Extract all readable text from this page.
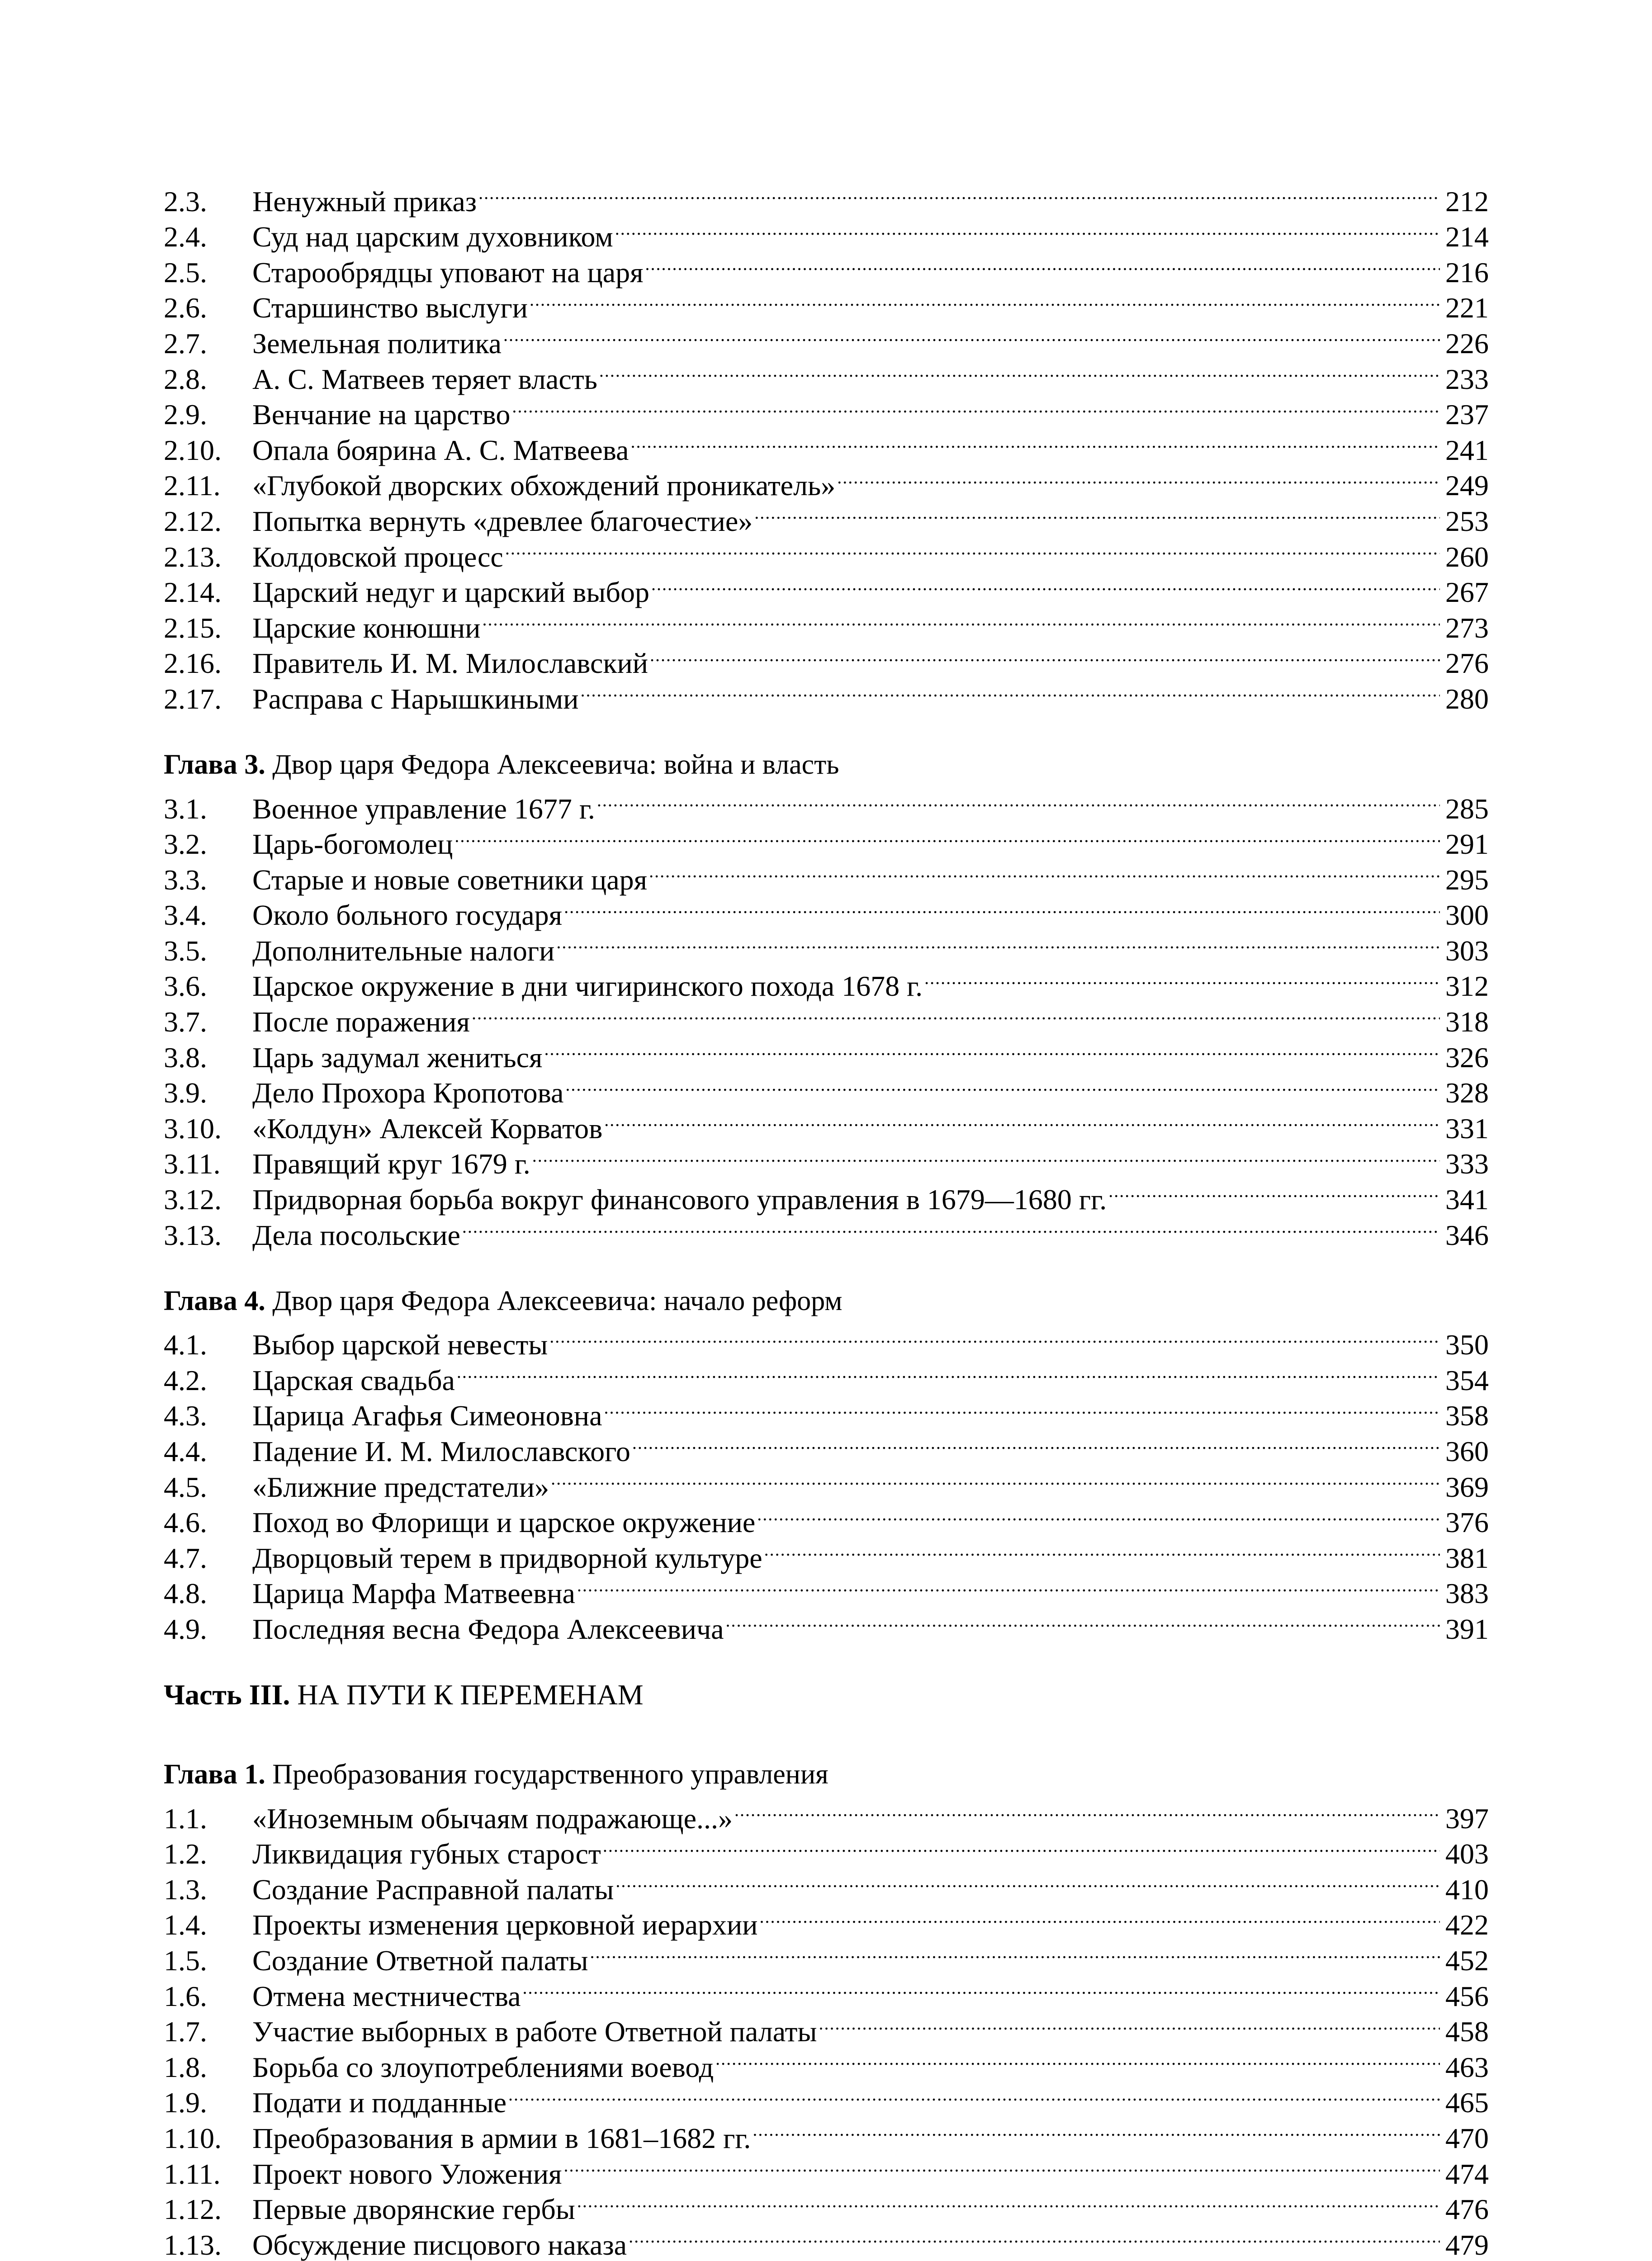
2.3.	Ненужный приказ . . .	212
2.4.	Суд над царским духовником . . .	214
2.5.	Старообрядцы уповают на царя . . .	216
2.6.	Старшинство выслуги . . .	221
2.7.	Земельная политика . . .	226
2.8.	А. С. Матвеев теряет власть . . .	233
2.9.	Венчание на царство . . .	237
2.10.	Опала боярина А. С. Матвеева . . .	241
2.11.	«Глубокой дворских обхождений проникатель» . . .	249
2.12.	Попытка вернуть «древлее благочестие» . . .	253
2.13.	Колдовской процесс . . .	260
2.14.	Царский недуг и царский выбор . . .	267
2.15.	Царские конюшни . . .	273
2.16.	Правитель И. М. Милославский . . .	276
2.17.	Расправа с Нарышкиными . . .	280
Глава 3. Двор царя Федора Алексеевича: война и власть
3.1.	Военное управление 1677 г. . . .	285
3.2.	Царь-богомолец . . .	291
3.3.	Старые и новые советники царя . . .	295
3.4.	Около больного государя . . .	300
3.5.	Дополнительные налоги . . .	303
3.6.	Царское окружение в дни чигиринского похода 1678 г. . . .	312
3.7.	После поражения . . .	318
3.8.	Царь задумал жениться . . .	326
3.9.	Дело Прохора Кропотова . . .	328
3.10.	«Колдун» Алексей Корватов . . .	331
3.11.	Правящий круг 1679 г. . . .	333
3.12.	Придворная борьба вокруг финансового управления в 1679—1680 гг. . . .	341
3.13.	Дела посольские . . .	346
Глава 4. Двор царя Федора Алексеевича: начало реформ
4.1.	Выбор царской невесты . . .	350
4.2.	Царская свадьба . . .	354
4.3.	Царица Агафья Симеоновна . . .	358
4.4.	Падение И. М. Милославского . . .	360
4.5.	«Ближние предстатели» . . .	369
4.6.	Поход во Флорищи и царское окружение . . .	376
4.7.	Дворцовый терем в придворной культуре . . .	381
4.8.	Царица Марфа Матвеевна . . .	383
4.9.	Последняя весна Федора Алексеевича . . .	391
Часть III. НА ПУТИ К ПЕРЕМЕНАМ
Глава 1. Преобразования государственного управления
1.1.	«Иноземным обычаям подражающе...» . . .	397
1.2.	Ликвидация губных старост . . .	403
1.3.	Создание Расправной палаты . . .	410
1.4.	Проекты изменения церковной иерархии . . .	422
1.5.	Создание Ответной палаты . . .	452
1.6.	Отмена местничества . . .	456
1.7.	Участие выборных в работе Ответной палаты . . .	458
1.8.	Борьба со злоупотреблениями воевод . . .	463
1.9.	Подати и подданные . . .	465
1.10.	Преобразования в армии в 1681–1682 гг. . . .	470
1.11.	Проект нового Уложения . . .	474
1.12.	Первые дворянские гербы . . .	476
1.13.	Обсуждение писцового наказа . . .	479
